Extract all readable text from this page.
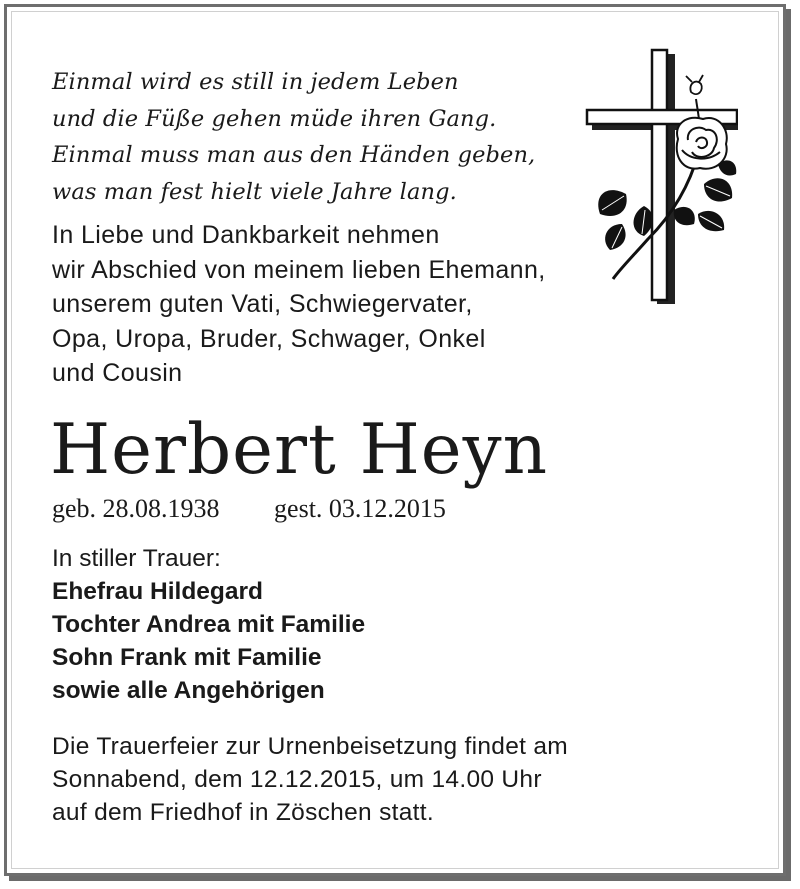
Einmal wird es still in jedem Leben
und die Füße gehen müde ihren Gang.
Einmal muss man aus den Händen geben,
was man fest hielt viele Jahre lang.
In Liebe und Dankbarkeit nehmen
wir Abschied von meinem lieben Ehemann,
unserem guten Vati, Schwiegervater,
Opa, Uropa, Bruder, Schwager, Onkel
und Cousin
Herbert Heyn
geb. 28.08.1938 gest. 03.12.2015
In stiller Trauer:
Ehefrau Hildegard
Tochter Andrea mit Familie
Sohn Frank mit Familie
sowie alle Angehörigen
Die Trauerfeier zur Urnenbeisetzung findet am
Sonnabend, dem 12.12.2015, um 14.00 Uhr
auf dem Friedhof in Zöschen statt.
